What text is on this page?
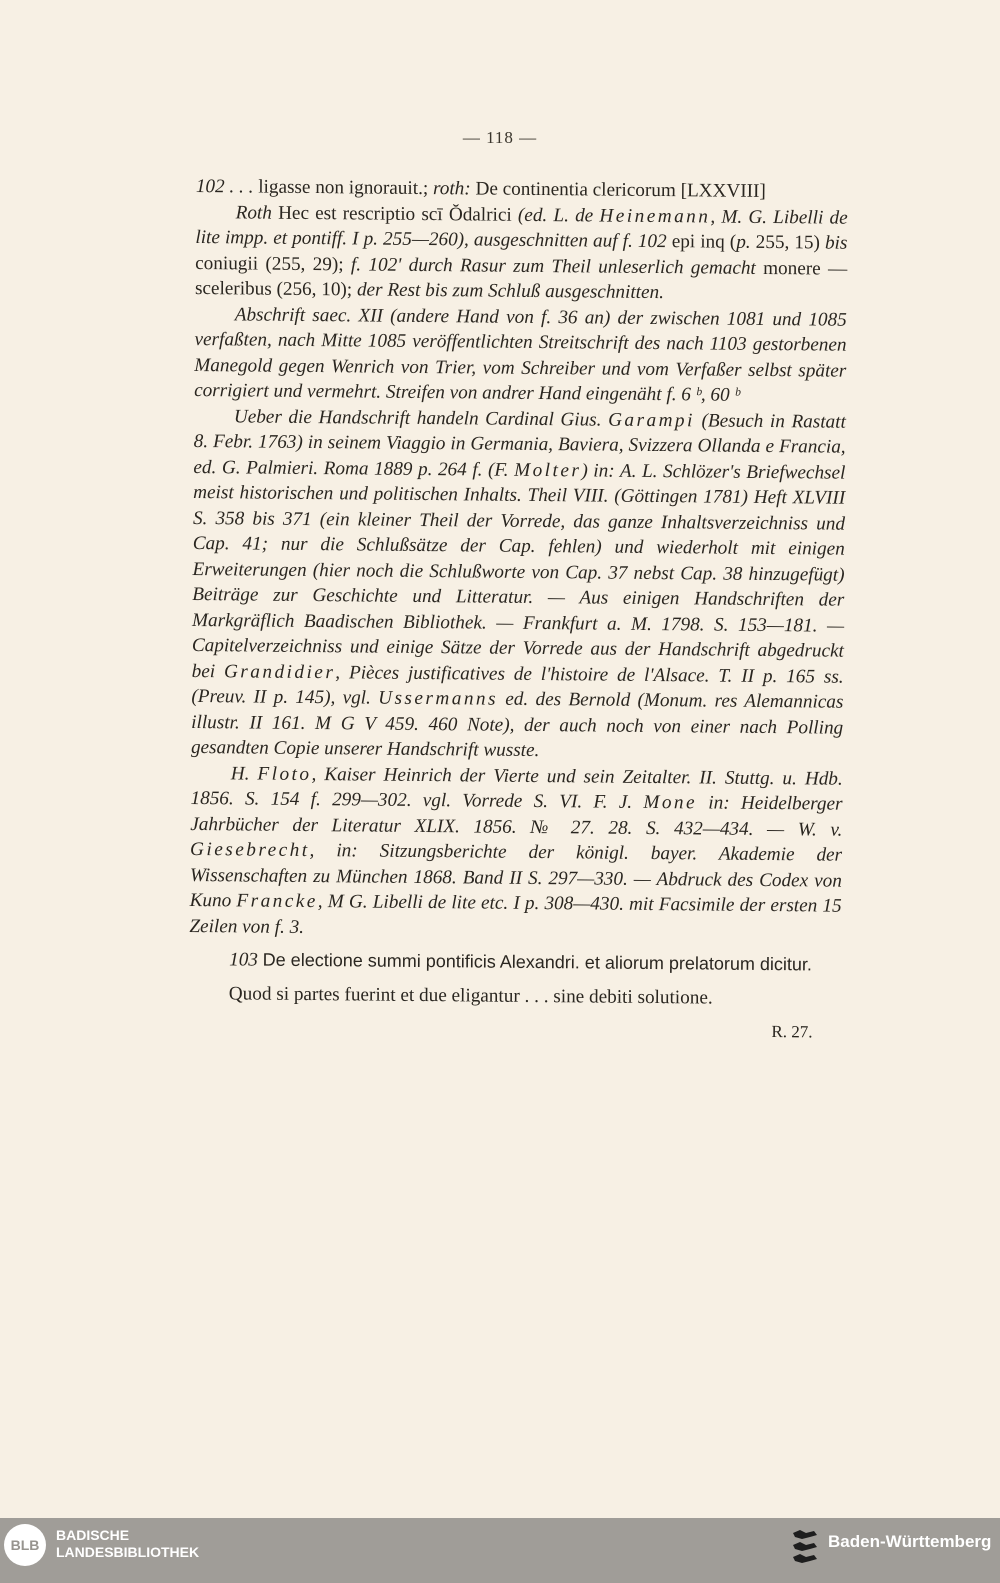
— 118 —

102 . . . ligasse non ignorauit.; roth: De continentia clericorum [LXXVIII]

Roth Hec est rescriptio scī Ŏdalrici (ed. L. de Heinemann, M. G. Libelli de lite impp. et pontiff. I p. 255—260), ausgeschnitten auf f. 102 epi inq (p. 255, 15) bis coniugii (255, 29); f. 102' durch Rasur zum Theil unleserlich gemacht monere — sceleribus (256, 10); der Rest bis zum Schluß ausgeschnitten.

Abschrift saec. XII (andere Hand von f. 36 an) der zwischen 1081 und 1085 verfaßten, nach Mitte 1085 veröffentlichten Streitschrift des nach 1103 gestorbenen Manegold gegen Wenrich von Trier, vom Schreiber und vom Verfaßer selbst später corrigiert und vermehrt. Streifen von andrer Hand eingenäht f. 6 ᵇ, 60 ᵇ

Ueber die Handschrift handeln Cardinal Gius. Garampi (Besuch in Rastatt 8. Febr. 1763) in seinem Viaggio in Germania, Baviera, Svizzera Ollanda e Francia, ed. G. Palmieri. Roma 1889 p. 264 f. (F. Molter) in: A. L. Schlözer's Briefwechsel meist historischen und politischen Inhalts. Theil VIII. (Göttingen 1781) Heft XLVIII S. 358 bis 371 (ein kleiner Theil der Vorrede, das ganze Inhaltsverzeichniss und Cap. 41; nur die Schlußsätze der Cap. fehlen) und wiederholt mit einigen Erweiterungen (hier noch die Schlußworte von Cap. 37 nebst Cap. 38 hinzugefügt) Beiträge zur Geschichte und Litteratur. — Aus einigen Handschriften der Markgräflich Baadischen Bibliothek. — Frankfurt a. M. 1798. S. 153—181. — Capitelverzeichniss und einige Sätze der Vorrede aus der Handschrift abgedruckt bei Grandidier, Pièces justificatives de l'histoire de l'Alsace. T. II p. 165 ss. (Preuv. II p. 145), vgl. Ussermanns ed. des Bernold (Monum. res Alemannicas illustr. II 161. M G V 459. 460 Note), der auch noch von einer nach Polling gesandten Copie unserer Handschrift wusste.

H. Floto, Kaiser Heinrich der Vierte und sein Zeitalter. II. Stuttg. u. Hdb. 1856. S. 154 f. 299—302. vgl. Vorrede S. VI. F. J. Mone in: Heidelberger Jahrbücher der Literatur XLIX. 1856. № 27. 28. S. 432—434. — W. v. Giesebrecht, in: Sitzungsberichte der königl. bayer. Akademie der Wissenschaften zu München 1868. Band II S. 297—330. — Abdruck des Codex von Kuno Francke, M G. Libelli de lite etc. I p. 308—430. mit Facsimile der ersten 15 Zeilen von f. 3.

103 De electione summi pontificis Alexandri. et aliorum prelatorum dicitur.

Quod si partes fuerint et due eligantur . . . sine debiti solutione.

R. 27.

BLB
BADISCHE
LANDESBIBLIOTHEK
Baden-Württemberg
